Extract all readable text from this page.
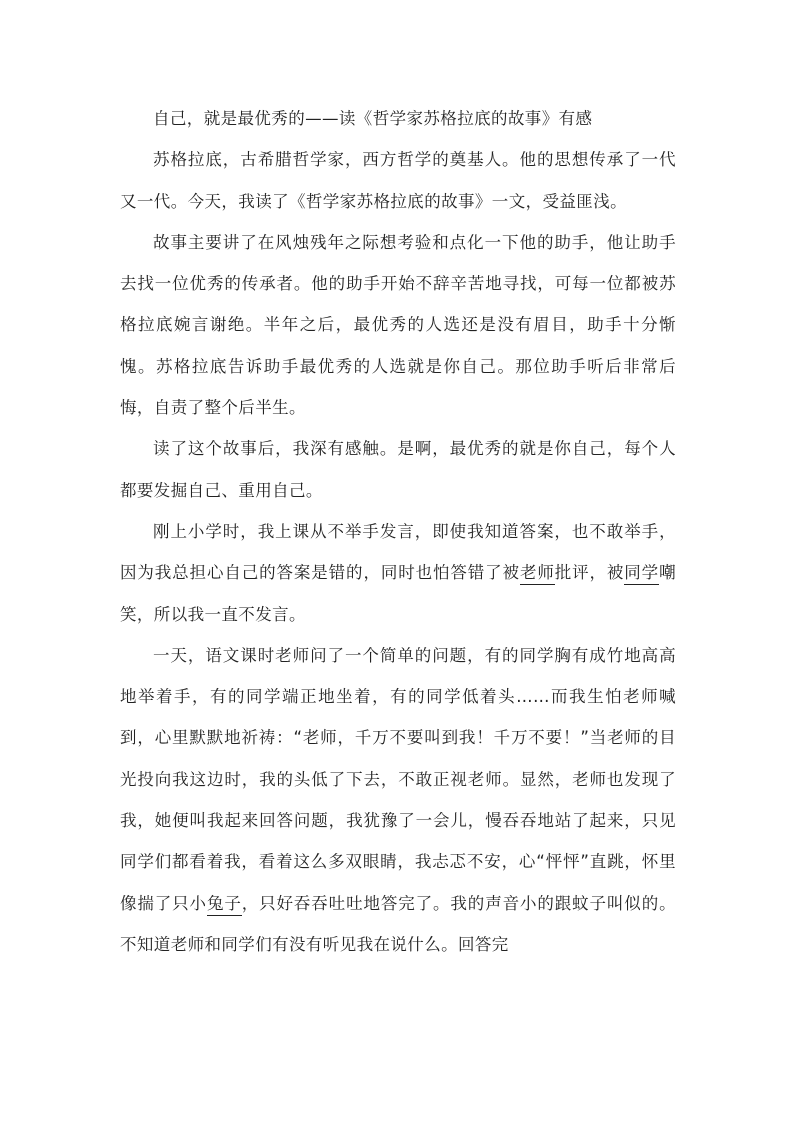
自己，就是最优秀的——读《哲学家苏格拉底的故事》有感

苏格拉底，古希腊哲学家，西方哲学的奠基人。他的思想传承了一代又一代。今天，我读了《哲学家苏格拉底的故事》一文，受益匪浅。

故事主要讲了在风烛残年之际想考验和点化一下他的助手，他让助手去找一位优秀的传承者。他的助手开始不辞辛苦地寻找，可每一位都被苏格拉底婉言谢绝。半年之后，最优秀的人选还是没有眉目，助手十分惭愧。苏格拉底告诉助手最优秀的人选就是你自己。那位助手听后非常后悔，自责了整个后半生。

读了这个故事后，我深有感触。是啊，最优秀的就是你自己，每个人都要发掘自己、重用自己。

刚上小学时，我上课从不举手发言，即使我知道答案，也不敢举手，因为我总担心自己的答案是错的，同时也怕答错了被老师批评，被同学嘲笑，所以我一直不发言。

一天，语文课时老师问了一个简单的问题，有的同学胸有成竹地高高地举着手，有的同学端正地坐着，有的同学低着头……而我生怕老师喊到，心里默默地祈祷：“老师，千万不要叫到我！千万不要！”当老师的目光投向我这边时，我的头低了下去，不敢正视老师。显然，老师也发现了我，她便叫我起来回答问题，我犹豫了一会儿，慢吞吞地站了起来，只见同学们都看着我，看着这么多双眼睛，我忐忑不安，心“怦怦”直跳，怀里像揣了只小兔子，只好吞吞吐吐地答完了。我的声音小的跟蚊子叫似的。不知道老师和同学们有没有听见我在说什么。回答完
